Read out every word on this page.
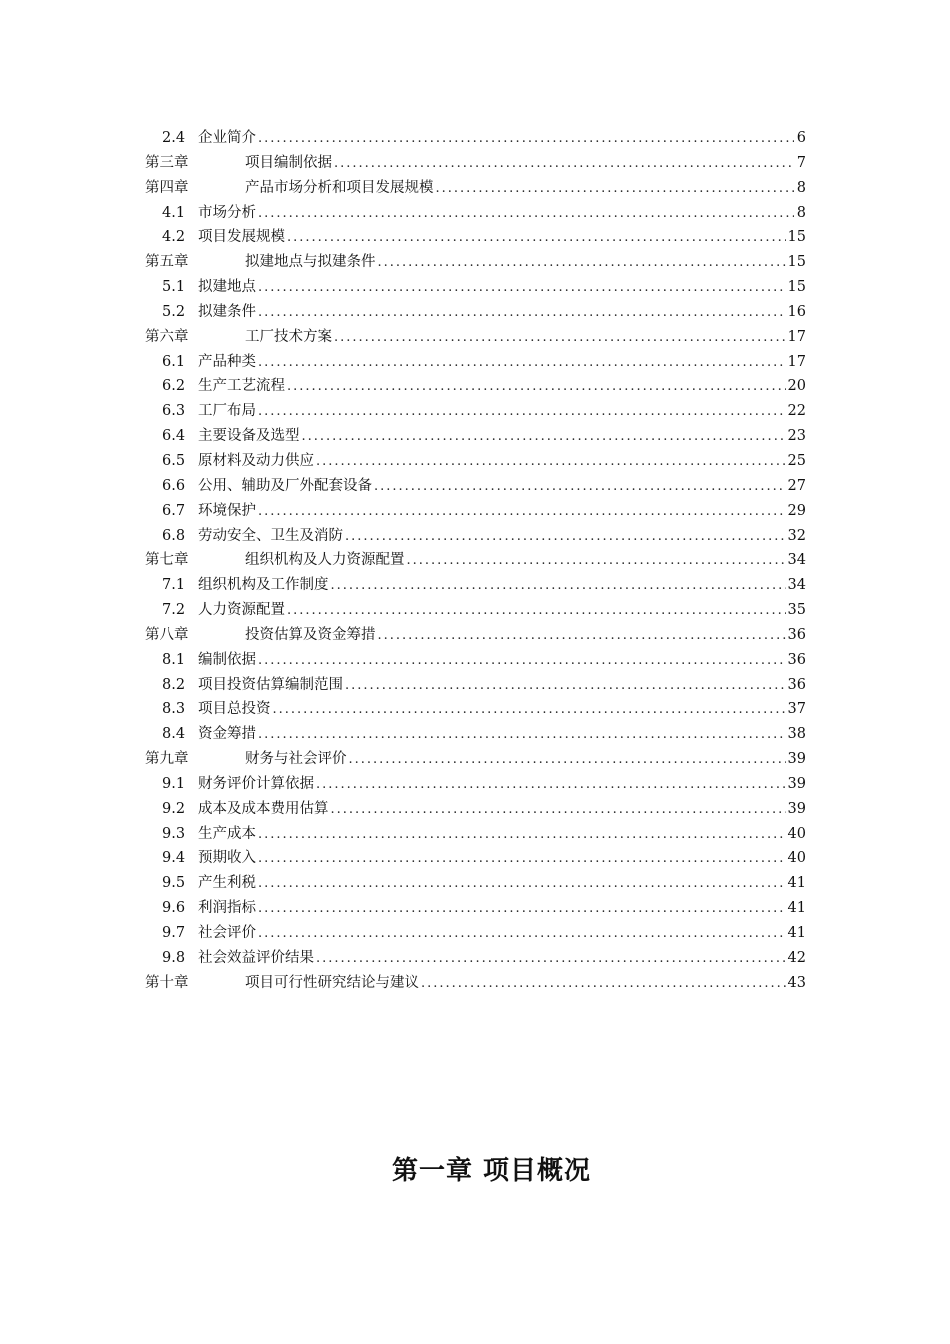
2.4 企业简介 .....	6
第三章	项目编制依据 .....	7
第四章	产品市场分析和项目发展规模 .....	8
4.1 市场分析 .....	8
4.2 项目发展规模 .....	15
第五章	拟建地点与拟建条件 .....	15
5.1 拟建地点 .....	15
5.2 拟建条件 .....	16
第六章	工厂技术方案 .....	17
6.1 产品种类 .....	17
6.2 生产工艺流程 .....	20
6.3 工厂布局 .....	22
6.4 主要设备及选型 .....	23
6.5 原材料及动力供应 .....	25
6.6 公用、辅助及厂外配套设备 .....	27
6.7 环境保护 .....	29
6.8 劳动安全、卫生及消防 .....	32
第七章	组织机构及人力资源配置 .....	34
7.1 组织机构及工作制度 .....	34
7.2 人力资源配置 .....	35
第八章	投资估算及资金筹措 .....	36
8.1 编制依据 .....	36
8.2 项目投资估算编制范围 .....	36
8.3 项目总投资 .....	37
8.4 资金筹措 .....	38
第九章	财务与社会评价 .....	39
9.1 财务评价计算依据 .....	39
9.2 成本及成本费用估算 .....	39
9.3 生产成本 .....	40
9.4 预期收入 .....	40
9.5 产生利税 .....	41
9.6 利润指标 .....	41
9.7 社会评价 .....	41
9.8 社会效益评价结果 .....	42
第十章	项目可行性研究结论与建议 .....	43
第一章 项目概况
